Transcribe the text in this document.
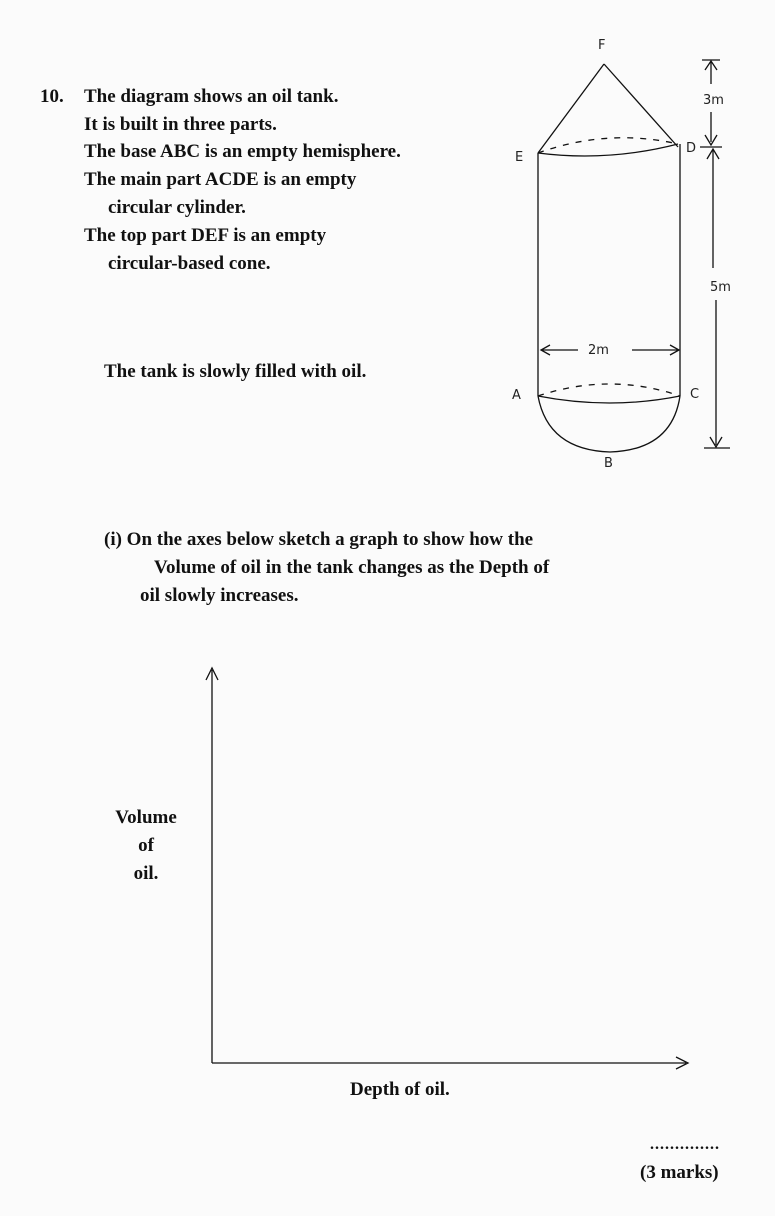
10. The diagram shows an oil tank.
It is built in three parts.
The base ABC is an empty hemisphere.
The main part ACDE is an empty
circular cylinder.
The top part DEF is an empty
circular-based cone.
The tank is slowly filled with oil.
F
E
D
A	C
B
3m
5m
2m
(i) On the axes below sketch a graph to show how the
Volume of oil in the tank changes as the Depth of
oil slowly increases.
Volume
of
oil.
Depth of oil.
..............
(3 marks)
